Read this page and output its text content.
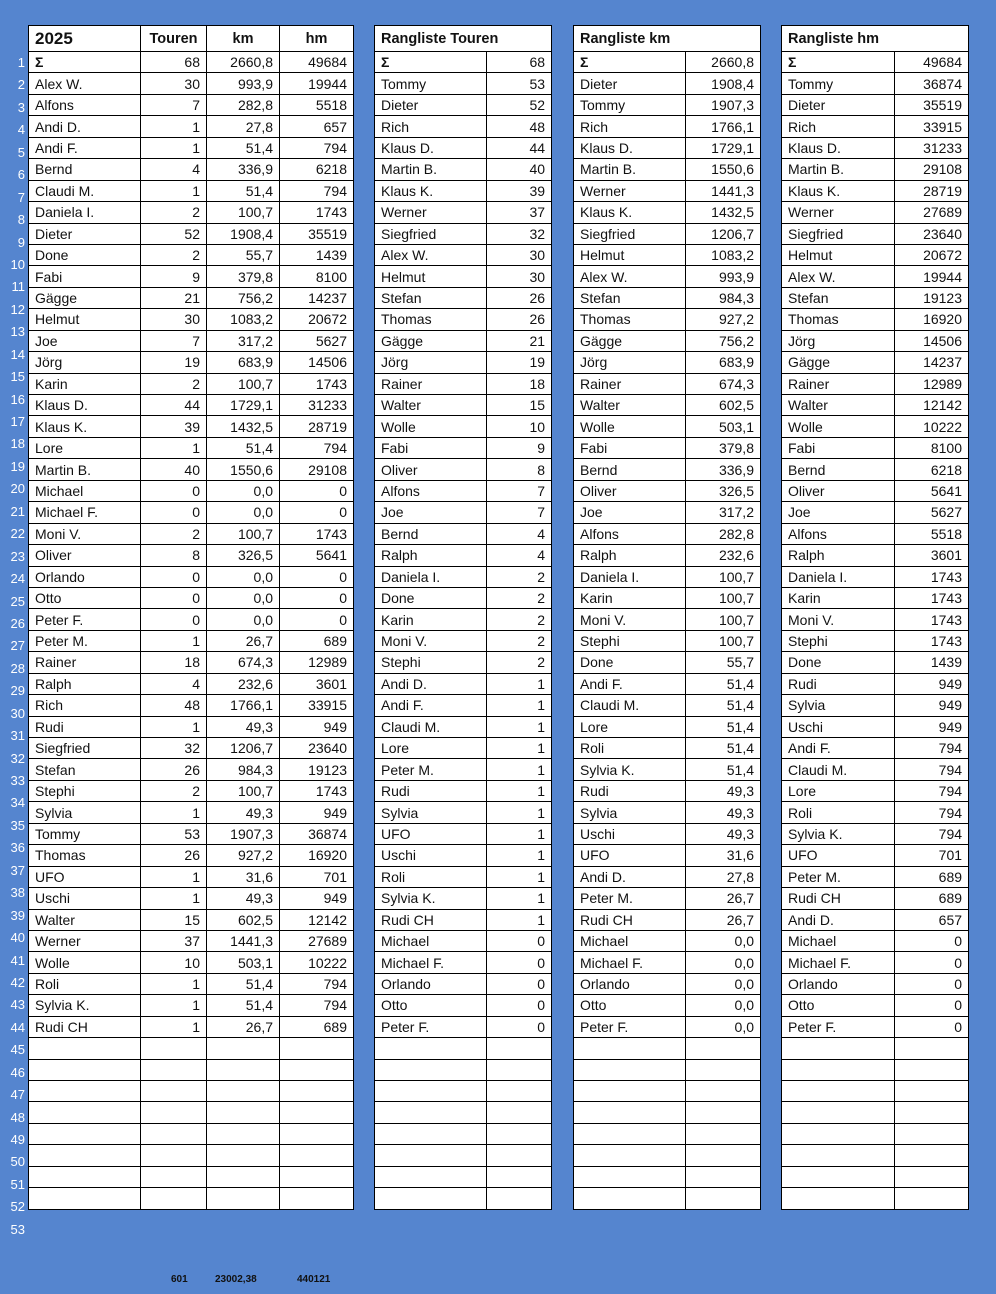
1
2
3
4
5
6
7
8
9
10
11
12
13
14
15
16
17
18
19
20
21
22
23
24
25
26
27
28
29
30
31
32
33
34
35
36
37
38
39
40
41
42
43
44
45
46
47
48
49
50
51
52
53
2025	Touren	km	hm
Σ	68	2660,8	49684
Alex W.	30	993,9	19944
Alfons	7	282,8	5518
Andi D.	1	27,8	657
Andi F.	1	51,4	794
Bernd	4	336,9	6218
Claudi M.	1	51,4	794
Daniela I.	2	100,7	1743
Dieter	52	1908,4	35519
Done	2	55,7	1439
Fabi	9	379,8	8100
Gägge	21	756,2	14237
Helmut	30	1083,2	20672
Joe	7	317,2	5627
Jörg	19	683,9	14506
Karin	2	100,7	1743
Klaus D.	44	1729,1	31233
Klaus K.	39	1432,5	28719
Lore	1	51,4	794
Martin B.	40	1550,6	29108
Michael	0	0,0	0
Michael F.	0	0,0	0
Moni V.	2	100,7	1743
Oliver	8	326,5	5641
Orlando	0	0,0	0
Otto	0	0,0	0
Peter F.	0	0,0	0
Peter M.	1	26,7	689
Rainer	18	674,3	12989
Ralph	4	232,6	3601
Rich	48	1766,1	33915
Rudi	1	49,3	949
Siegfried	32	1206,7	23640
Stefan	26	984,3	19123
Stephi	2	100,7	1743
Sylvia	1	49,3	949
Tommy	53	1907,3	36874
Thomas	26	927,2	16920
UFO	1	31,6	701
Uschi	1	49,3	949
Walter	15	602,5	12142
Werner	37	1441,3	27689
Wolle	10	503,1	10222
Roli	1	51,4	794
Sylvia K.	1	51,4	794
Rudi CH	1	26,7	689

Rangliste Touren	
Σ	68
Tommy	53
Dieter	52
Rich	48
Klaus D.	44
Martin B.	40
Klaus K.	39
Werner	37
Siegfried	32
Alex W.	30
Helmut	30
Stefan	26
Thomas	26
Gägge	21
Jörg	19
Rainer	18
Walter	15
Wolle	10
Fabi	9
Oliver	8
Alfons	7
Joe	7
Bernd	4
Ralph	4
Daniela I.	2
Done	2
Karin	2
Moni V.	2
Stephi	2
Andi D.	1
Andi F.	1
Claudi M.	1
Lore	1
Peter M.	1
Rudi	1
Sylvia	1
UFO	1
Uschi	1
Roli	1
Sylvia K.	1
Rudi CH	1
Michael	0
Michael F.	0
Orlando	0
Otto	0
Peter F.	0

Rangliste km	
Σ	2660,8
Dieter	1908,4
Tommy	1907,3
Rich	1766,1
Klaus D.	1729,1
Martin B.	1550,6
Werner	1441,3
Klaus K.	1432,5
Siegfried	1206,7
Helmut	1083,2
Alex W.	993,9
Stefan	984,3
Thomas	927,2
Gägge	756,2
Jörg	683,9
Rainer	674,3
Walter	602,5
Wolle	503,1
Fabi	379,8
Bernd	336,9
Oliver	326,5
Joe	317,2
Alfons	282,8
Ralph	232,6
Daniela I.	100,7
Karin	100,7
Moni V.	100,7
Stephi	100,7
Done	55,7
Andi F.	51,4
Claudi M.	51,4
Lore	51,4
Roli	51,4
Sylvia K.	51,4
Rudi	49,3
Sylvia	49,3
Uschi	49,3
UFO	31,6
Andi D.	27,8
Peter M.	26,7
Rudi CH	26,7
Michael	0,0
Michael F.	0,0
Orlando	0,0
Otto	0,0
Peter F.	0,0

Rangliste hm	
Σ	49684
Tommy	36874
Dieter	35519
Rich	33915
Klaus D.	31233
Martin B.	29108
Klaus K.	28719
Werner	27689
Siegfried	23640
Helmut	20672
Alex W.	19944
Stefan	19123
Thomas	16920
Jörg	14506
Gägge	14237
Rainer	12989
Walter	12142
Wolle	10222
Fabi	8100
Bernd	6218
Oliver	5641
Joe	5627
Alfons	5518
Ralph	3601
Daniela I.	1743
Karin	1743
Moni V.	1743
Stephi	1743
Done	1439
Rudi	949
Sylvia	949
Uschi	949
Andi F.	794
Claudi M.	794
Lore	794
Roli	794
Sylvia K.	794
UFO	701
Peter M.	689
Rudi CH	689
Andi D.	657
Michael	0
Michael F.	0
Orlando	0
Otto	0
Peter F.	0

601	23002,38	440121
